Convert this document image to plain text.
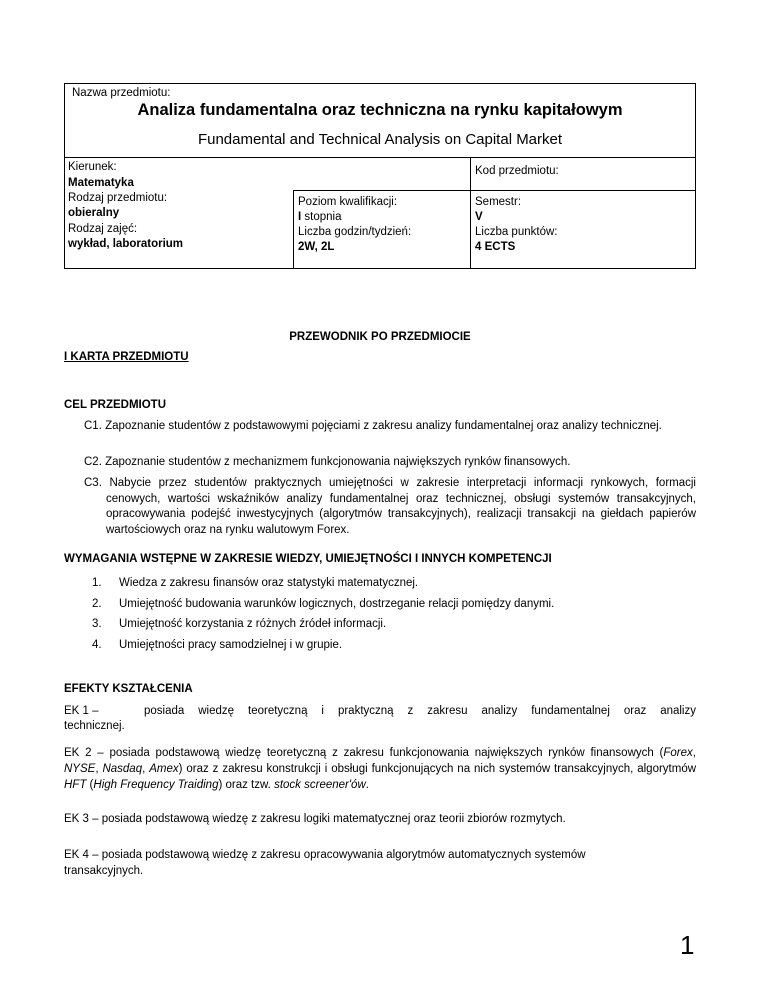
Nazwa przedmiotu:
Analiza fundamentalna oraz techniczna na rynku kapitałowym
Fundamental and Technical Analysis on Capital Market
Kierunek:
Matematyka
Kod przedmiotu:
Rodzaj przedmiotu:
obieralny
Poziom kwalifikacji:
I stopnia
Semestr:
V
Rodzaj zajęć:
wykład, laboratorium
Liczba godzin/tydzień:
2W, 2L
Liczba punktów:
4 ECTS
PRZEWODNIK PO PRZEDMIOCIE
I KARTA PRZEDMIOTU
CEL PRZEDMIOTU
C1. Zapoznanie studentów z podstawowymi pojęciami z zakresu analizy fundamentalnej oraz analizy technicznej.
C2. Zapoznanie studentów z mechanizmem funkcjonowania największych rynków finansowych.
C3. Nabycie przez studentów praktycznych umiejętności w zakresie interpretacji informacji rynkowych, formacji cenowych, wartości wskaźników analizy fundamentalnej oraz technicznej, obsługi systemów transakcyjnych, opracowywania podejść inwestycyjnych (algorytmów transakcyjnych), realizacji transakcji na giełdach papierów wartościowych oraz na rynku walutowym Forex.
WYMAGANIA WSTĘPNE W ZAKRESIE WIEDZY, UMIEJĘTNOŚCI I INNYCH KOMPETENCJI
1. Wiedza z zakresu finansów oraz statystyki matematycznej.
2. Umiejętność budowania warunków logicznych, dostrzeganie relacji pomiędzy danymi.
3. Umiejętność korzystania z różnych źródeł informacji.
4. Umiejętności pracy samodzielnej i w grupie.
EFEKTY KSZTAŁCENIA
EK 1 –	posiada wiedzę teoretyczną i praktyczną z zakresu analizy fundamentalnej oraz analizy
technicznej.
EK 2 – posiada podstawową wiedzę teoretyczną z zakresu funkcjonowania największych rynków finansowych (Forex, NYSE, Nasdaq, Amex) oraz z zakresu konstrukcji i obsługi funkcjonujących na nich systemów transakcyjnych, algorytmów HFT (High Frequency Traiding) oraz tzw. stock screener'ów.
EK 3 – posiada podstawową wiedzę z zakresu logiki matematycznej oraz teorii zbiorów rozmytych.
EK 4 – posiada podstawową wiedzę z zakresu opracowywania algorytmów automatycznych systemów
transakcyjnych.
1
